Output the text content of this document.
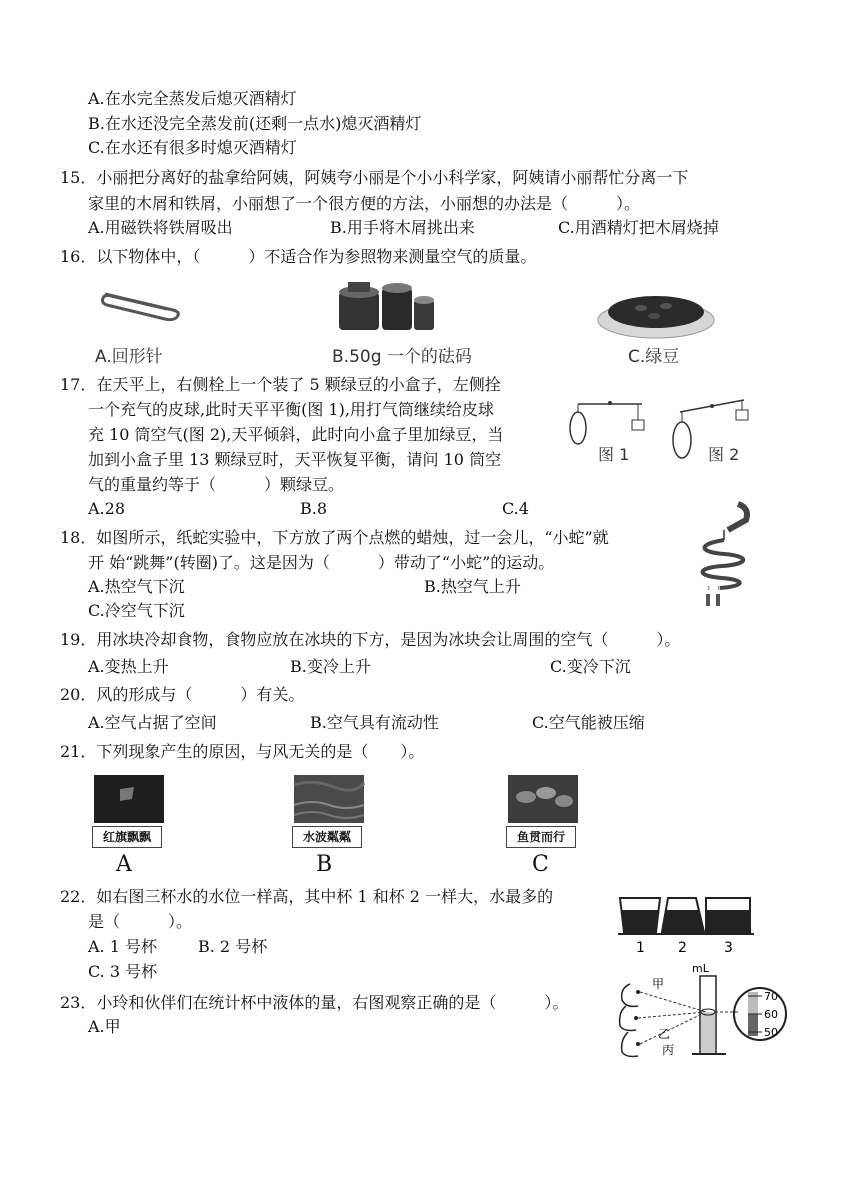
A.在水完全蒸发后熄灭酒精灯
B.在水还没完全蒸发前(还剩一点水)熄灭酒精灯
C.在水还有很多时熄灭酒精灯
15．小丽把分离好的盐拿给阿姨，阿姨夸小丽是个小小科学家，阿姨请小丽帮忙分离一下
家里的木屑和铁屑，小丽想了一个很方便的方法，小丽想的办法是（　　　）。
A.用磁铁将铁屑吸出	B.用手将木屑挑出来	C.用酒精灯把木屑烧掉
16．以下物体中，（　　　）不适合作为参照物来测量空气的质量。
A.回形针	B.50g 一个的砝码	C.绿豆
17．在天平上，右侧栓上一个装了 5 颗绿豆的小盒子，左侧拴
一个充气的皮球,此时天平平衡(图 1),用打气筒继续给皮球
充 10 筒空气(图 2),天平倾斜，此时向小盒子里加绿豆，当
加到小盒子里 13 颗绿豆时，天平恢复平衡，请问 10 筒空
气的重量约等于（　　　）颗绿豆。
A.28	B.8	C.4
图 1	图 2
18．如图所示，纸蛇实验中，下方放了两个点燃的蜡烛，过一会儿，“小蛇”就
开 始“跳舞”(转圈)了。这是因为（　　　）带动了“小蛇”的运动。
A.热空气下沉	B.热空气上升
C.冷空气下沉
19．用冰块冷却食物，食物应放在冰块的下方，是因为冰块会让周围的空气（　　　）。
A.变热上升	B.变冷上升	C.变冷下沉
20．风的形成与（　　　）有关。
A.空气占据了空间	B.空气具有流动性	C.空气能被压缩
21．下列现象产生的原因，与风无关的是（　　）。
红旗飘飘
A
水波粼粼
B
鱼贯而行
C
22．如右图三杯水的水位一样高，其中杯 1 和杯 2 一样大，水最多的
是（　　　）。
A. 1 号杯	B. 2 号杯
C. 3 号杯
1 2	3
23．小玲和伙伴们在统计杯中液体的量，右图观察正确的是（　　　）。
A.甲
甲
乙
丙
mL
70
60
50
